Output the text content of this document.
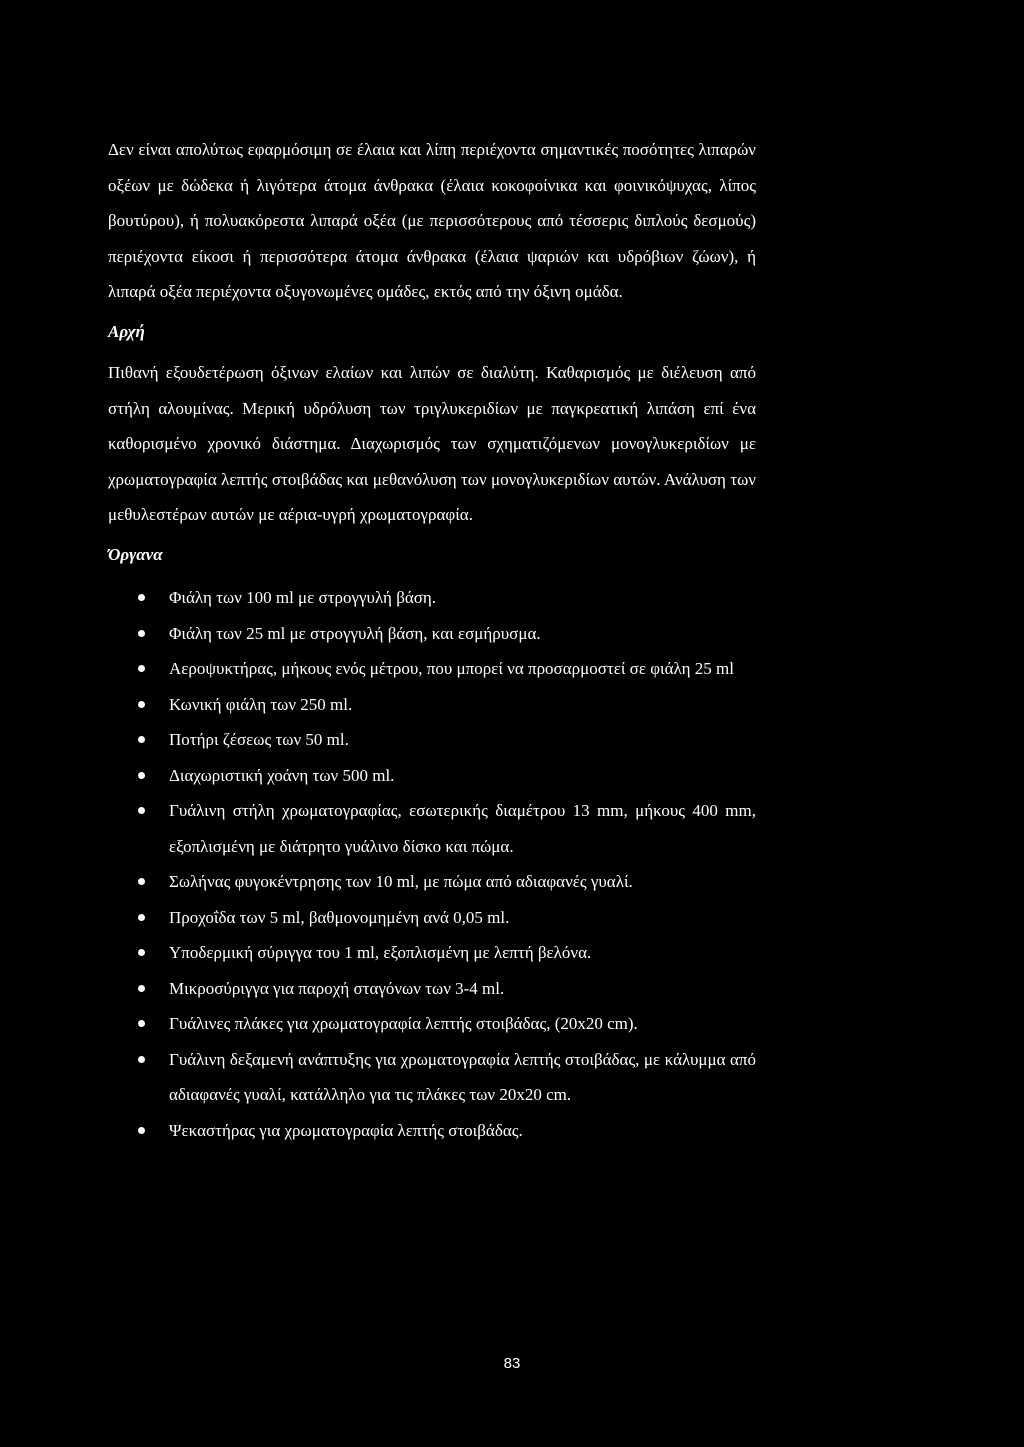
Δεν είναι απολύτως εφαρμόσιμη σε έλαια και λίπη περιέχοντα σημαντικές ποσότητες λιπαρών οξέων με δώδεκα ή λιγότερα άτομα άνθρακα (έλαια κοκοφοίνικα και φοινικόψυχας, λίπος βουτύρου), ή πολυακόρεστα λιπαρά οξέα (με περισσότερους από τέσσερις διπλούς δεσμούς) περιέχοντα είκοσι ή περισσότερα άτομα άνθρακα (έλαια ψαριών και υδρόβιων ζώων), ή λιπαρά οξέα περιέχοντα οξυγονωμένες ομάδες, εκτός από την όξινη ομάδα.

Αρχή

Πιθανή εξουδετέρωση όξινων ελαίων και λιπών σε διαλύτη. Καθαρισμός με διέλευση από στήλη αλουμίνας. Μερική υδρόλυση των τριγλυκεριδίων με παγκρεατική λιπάση επί ένα καθορισμένο χρονικό διάστημα. Διαχωρισμός των σχηματιζόμενων μονογλυκεριδίων με χρωματογραφία λεπτής στοιβάδας και μεθανόλυση των μονογλυκεριδίων αυτών. Ανάλυση των μεθυλεστέρων αυτών με αέρια-υγρή χρωματογραφία.

Όργανα
Φιάλη των 100 ml με στρογγυλή βάση.
Φιάλη των 25 ml με στρογγυλή βάση, και εσμήρυσμα.
Αεροψυκτήρας, μήκους ενός μέτρου, που μπορεί να προσαρμοστεί σε φιάλη 25 ml
Κωνική φιάλη των 250 ml.
Ποτήρι ζέσεως των 50 ml.
Διαχωριστική χοάνη των 500 ml.
Γυάλινη στήλη χρωματογραφίας, εσωτερικής διαμέτρου 13 mm, μήκους 400 mm, εξοπλισμένη με διάτρητο γυάλινο δίσκο και πώμα.
Σωλήνας φυγοκέντρησης των 10 ml, με πώμα από αδιαφανές γυαλί.
Προχοΐδα των 5 ml, βαθμονομημένη ανά 0,05 ml.
Υποδερμική σύριγγα του 1 ml, εξοπλισμένη με λεπτή βελόνα.
Μικροσύριγγα για παροχή σταγόνων των 3-4 ml.
Γυάλινες πλάκες για χρωματογραφία λεπτής στοιβάδας, (20x20 cm).
Γυάλινη δεξαμενή ανάπτυξης για χρωματογραφία λεπτής στοιβάδας, με κάλυμμα από αδιαφανές γυαλί, κατάλληλο για τις πλάκες των 20x20 cm.
Ψεκαστήρας για χρωματογραφία λεπτής στοιβάδας.
83
